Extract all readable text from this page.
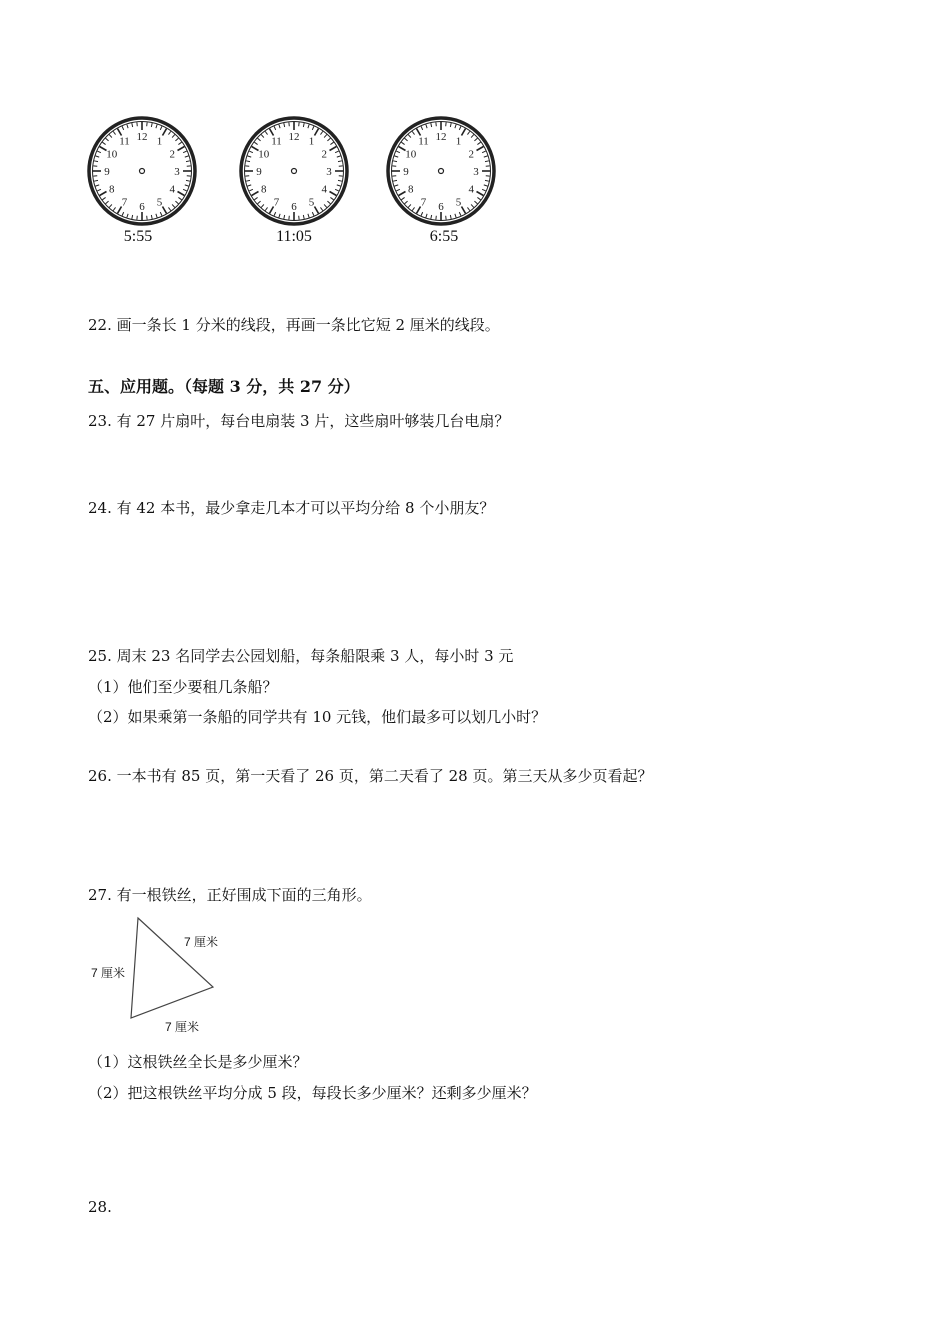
1
2
3
4
5
6
7
8
9
10
11 12	1
2
3
4
5
6
7
8
9
10
11 12	1
2
3
4
5
6
7
8
9
10
11 12
5:55	11:05	6:55
22. 画一条长 1 分米的线段，再画一条比它短 2 厘米的线段。
五、应用题。（每题 3 分，共 27 分）
23. 有 27 片扇叶，每台电扇装 3 片，这些扇叶够装几台电扇？
24. 有 42 本书，最少拿走几本才可以平均分给 8 个小朋友？
25. 周末 23 名同学去公园划船，每条船限乘 3 人，每小时 3 元
（1）他们至少要租几条船？
（2）如果乘第一条船的同学共有 10 元钱，他们最多可以划几小时？
26. 一本书有 85 页，第一天看了 26 页，第二天看了 28 页。第三天从多少页看起？
27. 有一根铁丝，正好围成下面的三角形。
7 厘米
7 厘米
7 厘米
（1）这根铁丝全长是多少厘米？
（2）把这根铁丝平均分成 5 段，每段长多少厘米？还剩多少厘米？
28.
